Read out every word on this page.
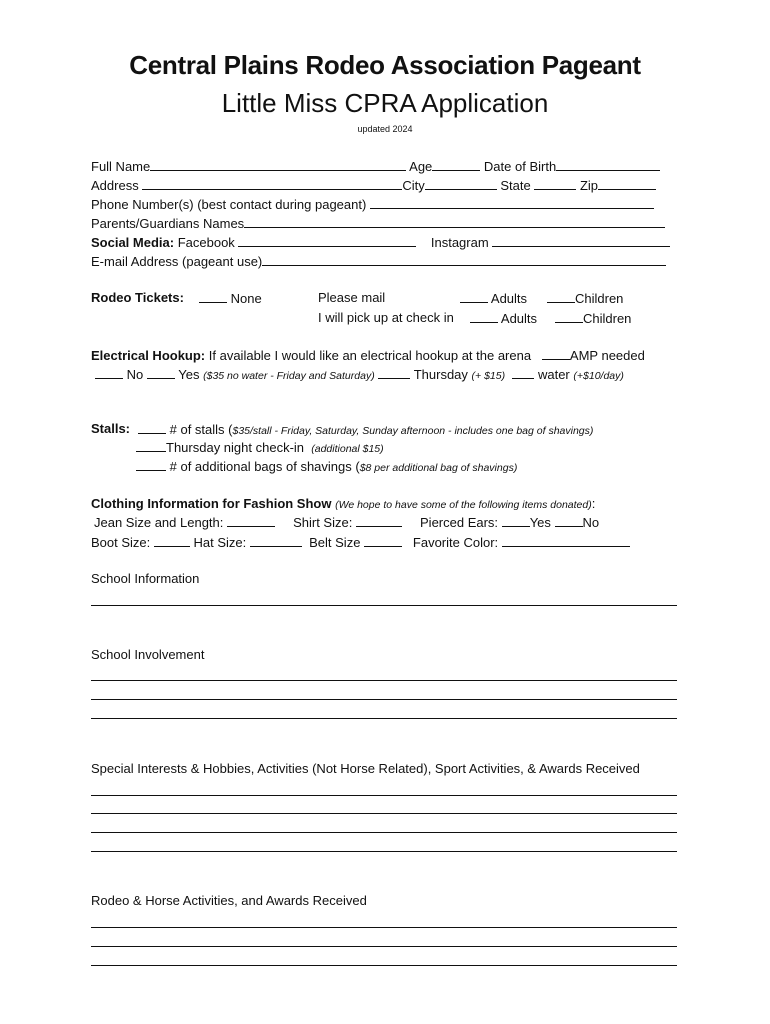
Central Plains Rodeo Association Pageant
Little Miss CPRA Application
updated 2024
Full Name	Age	Date of Birth
Address	City	State	Zip
Phone Number(s) (best contact during pageant)
Parents/Guardians Names
Social Media: Facebook	Instagram
E-mail Address (pageant use)
Rodeo Tickets:	None	Please mail	Adults	Children
I will pick up at check in	Adults	Children
Electrical Hookup: If available I would like an electrical hookup at the arena	AMP needed
No	Yes ($35 no water - Friday and Saturday)	Thursday (+ $15)	water (+$10/day)
Stalls:	# of stalls ($35/stall - Friday, Saturday, Sunday afternoon - includes one bag of shavings)
Thursday night check-in (additional $15)
# of additional bags of shavings ($8 per additional bag of shavings)
Clothing Information for Fashion Show (We hope to have some of the following items donated):
Jean Size and Length:	Shirt Size:	Pierced Ears: Yes No
Boot Size:	Hat Size:	Belt Size	Favorite Color:
School Information
School Involvement
Special Interests & Hobbies, Activities (Not Horse Related), Sport Activities, & Awards Received
Rodeo & Horse Activities, and Awards Received
